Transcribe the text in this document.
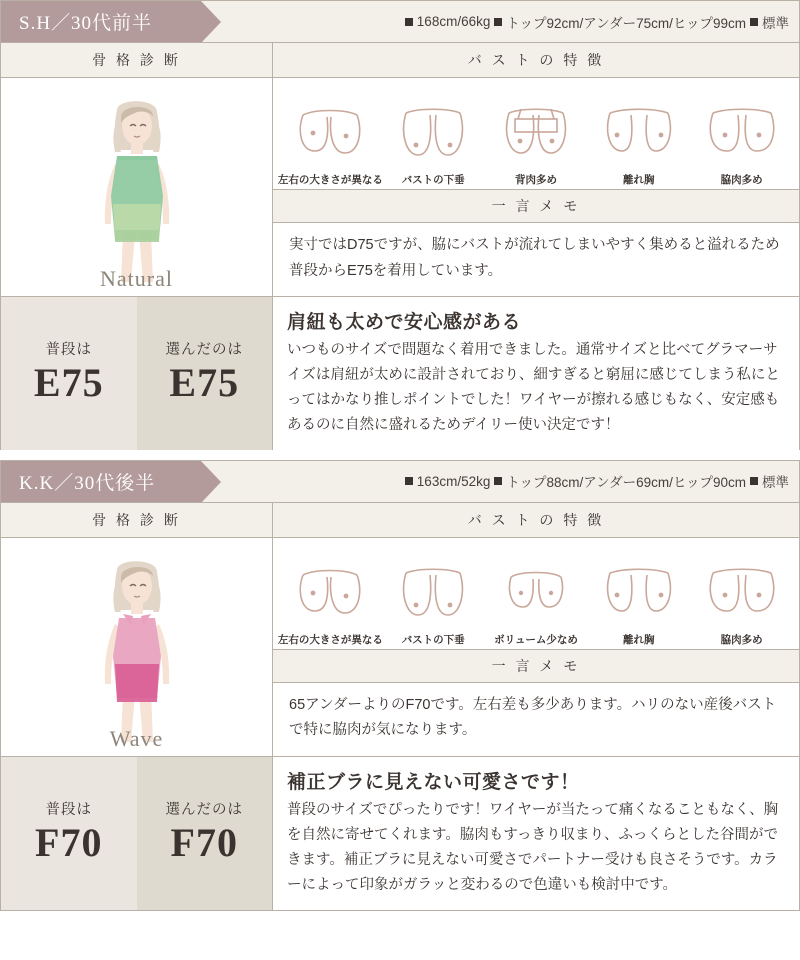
S.H／30代前半	168cm/66kg トップ92cm/アンダー75cm/ヒップ99cm 標準
骨 格 診 断
Natural
バ ス ト の 特 徴
左右の大きさが異なる バストの下垂	背肉多め	離れ胸	脇肉多め
一 言 メ モ
実寸ではD75ですが、脇にバストが流れてしまいやすく集めると溢れるため普段からE75を着用しています。
普段は
E75
選んだのは
E75
肩紐も太めで安心感がある
いつものサイズで問題なく着用できました。通常サイズと比べてグラマーサイズは肩紐が太めに設計されており、細すぎると窮屈に感じてしまう私にとってはかなり推しポイントでした！ワイヤーが擦れる感じもなく、安定感もあるのに自然に盛れるためデイリー使い決定です！
K.K／30代後半	163cm/52kg トップ88cm/アンダー69cm/ヒップ90cm 標準
骨 格 診 断
Wave
バ ス ト の 特 徴
左右の大きさが異なる バストの下垂	ボリューム少なめ	離れ胸	脇肉多め
一 言 メ モ
65アンダーよりのF70です。左右差も多少あります。ハリのない産後バストで特に脇肉が気になります。
普段は
F70
選んだのは
F70
補正ブラに見えない可愛さです！
普段のサイズでぴったりです！ワイヤーが当たって痛くなることもなく、胸を自然に寄せてくれます。脇肉もすっきり収まり、ふっくらとした谷間ができます。補正ブラに見えない可愛さでパートナー受けも良さそうです。カラーによって印象がガラッと変わるので色違いも検討中です。
